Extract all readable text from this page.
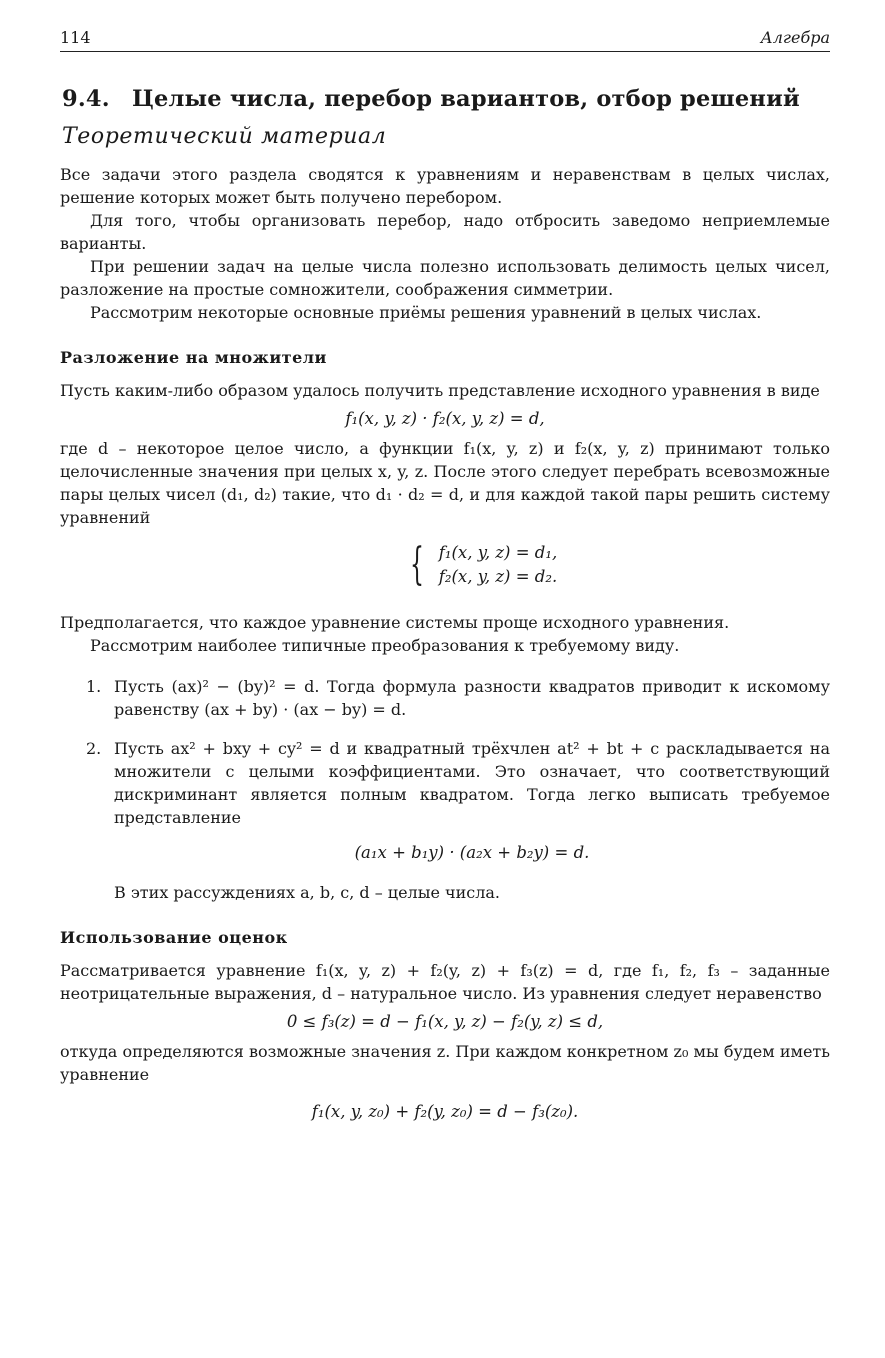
114	Алгебра
9.4. Целые числа, перебор вариантов, отбор решений
Теоретический материал

Все задачи этого раздела сводятся к уравнениям и неравенствам в целых числах, решение которых может быть получено перебором.

Для того, чтобы организовать перебор, надо отбросить заведомо неприемлемые варианты.

При решении задач на целые числа полезно использовать делимость целых чисел, разложение на простые сомножители, соображения симметрии.

Рассмотрим некоторые основные приёмы решения уравнений в целых числах.

Разложение на множители

Пусть каким-либо образом удалось получить представление исходного уравнения в виде

f₁(x, y, z) · f₂(x, y, z) = d,

где d – некоторое целое число, а функции f₁(x, y, z) и f₂(x, y, z) принимают только целочисленные значения при целых x, y, z. После этого следует перебрать всевозможные пары целых чисел (d₁, d₂) такие, что d₁ · d₂ = d, и для каждой такой пары решить систему уравнений

{ f₁(x, y, z) = d₁,
f₂(x, y, z) = d₂.

Предполагается, что каждое уравнение системы проще исходного уравнения.

Рассмотрим наиболее типичные преобразования к требуемому виду.

1. Пусть (ax)² − (by)² = d. Тогда формула разности квадратов приводит к искомому равенству (ax + by) · (ax − by) = d.

2. Пусть ax² + bxy + cy² = d и квадратный трёхчлен at² + bt + c раскладывается на множители с целыми коэффициентами. Это означает, что соответствующий дискриминант является полным квадратом. Тогда легко выписать требуемое представление

(a₁x + b₁y) · (a₂x + b₂y) = d.

В этих рассуждениях a, b, c, d – целые числа.

Использование оценок

Рассматривается уравнение f₁(x, y, z) + f₂(y, z) + f₃(z) = d, где f₁, f₂, f₃ – заданные неотрицательные выражения, d – натуральное число. Из уравнения следует неравенство

0 ≤ f₃(z) = d − f₁(x, y, z) − f₂(y, z) ≤ d,

откуда определяются возможные значения z. При каждом конкретном z₀ мы будем иметь уравнение

f₁(x, y, z₀) + f₂(y, z₀) = d − f₃(z₀).
